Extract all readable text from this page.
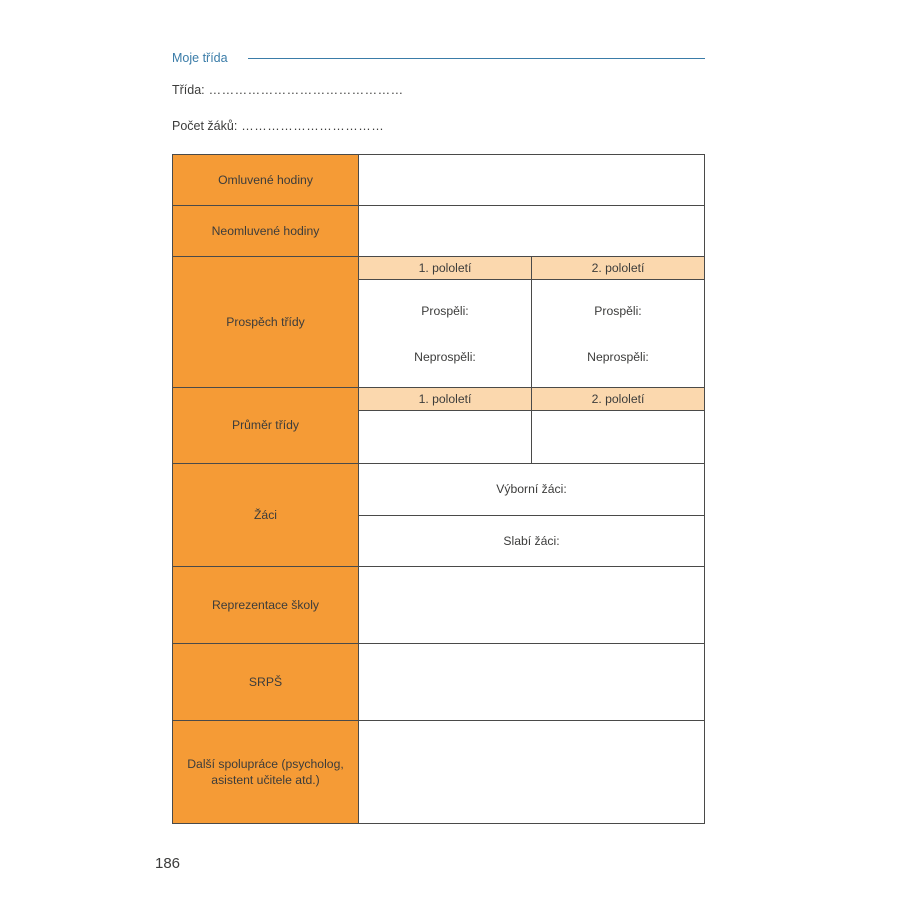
Moje třída
Třída: ………………………………………
Počet žáků: ……………………………
Omluvené hodiny
Neomluvené hodiny
Prospěch třídy
1. pololetí	2. pololetí
Prospěli:
Neprospěli:
Prospěli:
Neprospěli:
Průměr třídy
1. pololetí	2. pololetí
Žáci
Výborní žáci:
Slabí žáci:
Reprezentace školy
SRPŠ
Další spolupráce (psycholog, asistent učitele atd.)
186
